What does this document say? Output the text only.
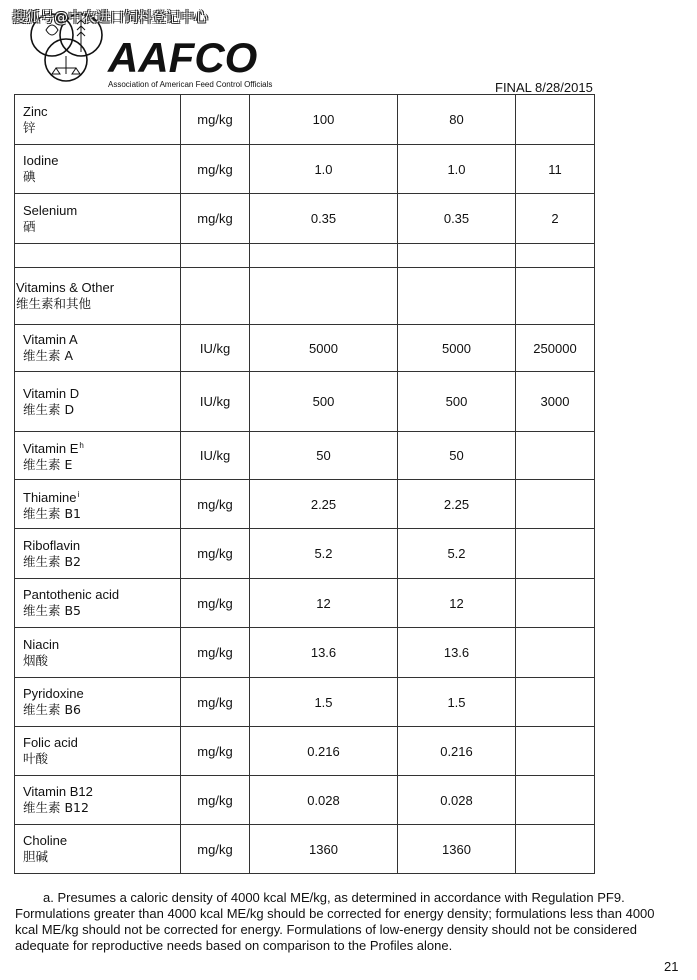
搜狐号@中农进口饲料登记中心
AAFCO
Association of American Feed Control Officials	FINAL 8/28/2015
Zinc
锌	mg/kg	100	80	

Iodine
碘	mg/kg	1.0	1.0	11

Selenium
硒	mg/kg	0.35	0.35	2

Vitamins & Other
维生素和其他				

Vitamin A
维生素 A	IU/kg	5000	5000	250000

Vitamin D
维生素 D	IU/kg	500	500	3000

Vitamin $E^h$
维生素 E	IU/kg	50	50	

Thiamine$^i$
维生素 B1	mg/kg	2.25	2.25	

Riboflavin
维生素 B2	mg/kg	5.2	5.2	

Pantothenic acid
维生素 B5	mg/kg	12	12	

Niacin
烟酸	mg/kg	13.6	13.6	

Pyridoxine
维生素 B6	mg/kg	1.5	1.5	

Folic acid
叶酸	mg/kg	0.216	0.216	

Vitamin B12
维生素 B12	mg/kg	0.028	0.028	

Choline
胆碱	mg/kg	1360	1360	
a. Presumes a caloric density of 4000 kcal ME/kg, as determined in accordance with Regulation PF9. Formulations greater than 4000 kcal ME/kg should be corrected for energy density; formulations less than 4000 kcal ME/kg should not be corrected for energy. Formulations of low-energy density should not be considered adequate for reproductive needs based on comparison to the Profiles alone.
21
